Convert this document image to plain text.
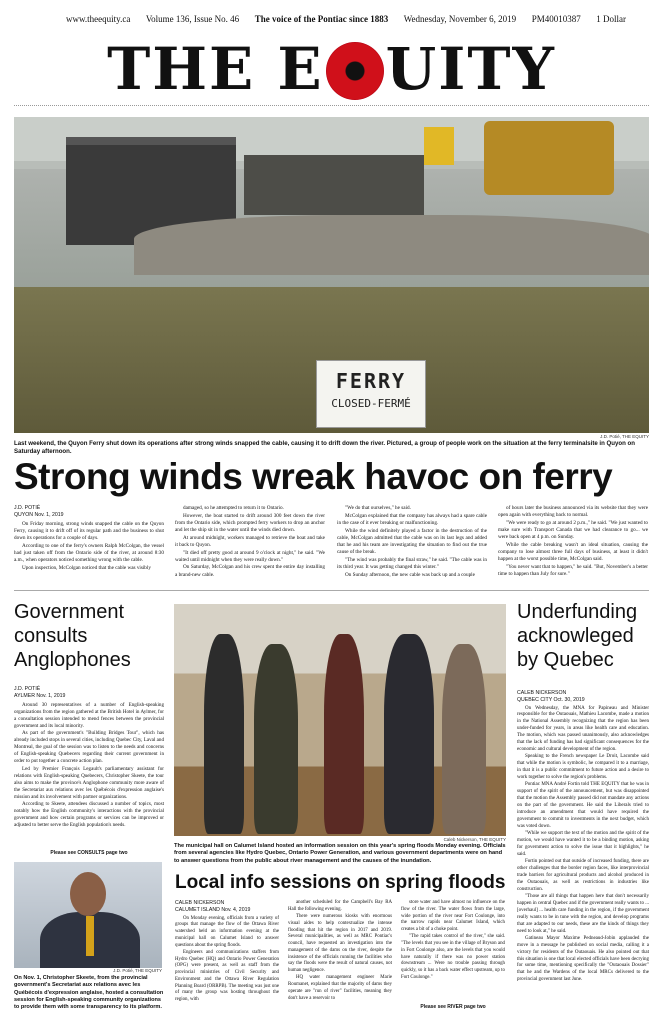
www.theequity.ca Volume 136, Issue No. 46 The voice of the Pontiac since 1883 Wednesday, November 6, 2019 PM40010387 1 Dollar
THE E UITY
FERRY
CLOSED-FERMÉ
J.D. Potié, THE EQUITY
Last weekend, the Quyon Ferry shut down its operations after strong winds snapped the cable, causing it to drift down the river. Pictured, a group of people work on the situation at the ferry terminalsite in Quyon on Saturday afternoon.
Strong winds wreak havoc on ferry
J.D. POTIÉ
QUYON Nov. 1, 2019

On Friday morning, strong winds snapped the cable on the Quyon Ferry, causing it to drift off of its regular path and the business to shut down its operations for a couple of days.

According to one of the ferry's owners Ralph McColgan, the vessel had just taken off from the Ontario side of the river, at around 8:30 a.m., when operators noticed something wrong with the cable.

Upon inspection, McColgan noticed that the cable was visibly

damaged, so he attempted to return it to Ontario.

However, the boat started to drift around 300 feet down the river from the Ontario side, which prompted ferry workers to drop an anchor and let the ship sit in the water until the winds died down.

At around midnight, workers managed to retrieve the boat and take it back to Quyon.

"It died off pretty good at around 9 o'clock at night," he said. "We waited until midnight when they were really down."

On Saturday, McColgan and his crew spent the entire day installing a brand-new cable.

"We do that ourselves," he said.

McColgan explained that the company has always had a spare cable in the case of it ever breaking or malfunctioning.

While the wind definitely played a factor in the destruction of the cable, McColgan admitted that the cable was on its last legs and added that he and his team are investigating the situation to find out the true cause of the break.

"The wind was probably the final straw," he said. "The cable was in its third year. It was getting changed this winter."

On Sunday afternoon, the new cable was back up and a couple

of hours later the business announced via its website that they were open again with everything back to normal.

"We were ready to go at around 2 p.m.," he said. "We just wanted to make sure with Transport Canada that we had clearance to go... we were back open at 4 p.m. on Sunday.

While the cable breaking wasn't an ideal situation, causing the company to lose almost three full days of business, at least it didn't happen at the worst possible time, McColgan said.

"You never want that to happen," he said. "But, November's a better time to happen than July for sure."

Government consults Anglophones
J.D. POTIÉ
AYLMER Nov. 1, 2019

Around 30 representatives of a number of English-speaking organizations from the region gathered at the British Hotel in Aylmer, for a consultation session intended to mend fences between the provincial government and its local minority.

As part of the government's "Building Bridges Tour", which has already included stops in several cities, including Quebec City, Laval and Montreal, the goal of the session was to listen to the needs and concerns of English-speaking Quebecers regarding their current government in order to put together a concrete action plan.

Led by Premier François Legault's parliamentary assistant for relations with English-speaking Quebecers, Christopher Skeete, the tour also aims to make the province's Anglophone community more aware of the Secretariat aux relations avec les Québécois d'expression anglaise's mission and its involvement with partner organizations.

According to Skeete, attendees discussed a number of topics, most notably how the English community's interactions with the provincial government and how certain programs or services can be improved or adjusted to better serve the English population's needs.

Please see CONSULTS page two
J.D. Potié, THE EQUITY
On Nov. 1, Christopher Skeete, from the provincial government's Secretariat aux relations avec les Québécois d'expression anglaise, hosted a consultation session for English-speaking community organizations to provide them with some transparency to its platform.
Caleb Nickerson, THE EQUITY
The municipal hall on Calumet Island hosted an information session on this year's spring floods Monday evening. Officials from several agencies like Hydro Quebec, Ontario Power Generation, and various government departments were on hand to answer questions from the public about river management and the causes of the inundation.
Local info sessions on spring floods
CALEB NICKERSON
CALUMET ISLAND Nov. 4, 2019

On Monday evening, officials from a variety of groups that manage the flow of the Ottawa River watershed held an information evening at the municipal hall on Calumet Island to answer questions about the spring floods.

Engineers and communications staffers from Hydro Quebec (HQ) and Ontario Power Generation (OPG) were present, as well as staff from the provincial ministries of Civil Security and Environment and the Ottawa River Regulation Planning Board (ORRPB). The meeting was just one of many the group was hosting throughout the region, with

another scheduled for the Campbell's Bay RA Hall the following evening.

There were numerous kiosks with enormous visual aides to help contextualize the intense flooding that hit the region in 2017 and 2019. Several municipalities, as well as MRC Pontiac's council, have requested an investigation into the management of the dams on the river, despite the insistence of the officials running the facilities who say the floods were the result of natural causes, not human negligence.

HQ water management engineer Marie Roumanet, explained that the majority of dams they operate are "run of river" facilities, meaning they don't have a reservoir to

store water and have almost no influence on the flow of the river. The water flows from the large, wide portion of the river near Fort Coulonge, into the narrow rapids near Calumet Island, which creates a bit of a choke point.

"The rapid takes control of the river," she said. "The levels that you see in the village of Bryson and in Fort Coulonge also, are the levels that you would have naturally if there was no power station downstream ... Were no trouble passing through quickly, so it has a back water effect upstream, up to Fort Coulonge."

Please see RIVER page two
Underfunding acknowleged by Quebec
CALEB NICKERSON
QUEBEC CITY Oct. 30, 2019

On Wednesday, the MNA for Papineau and Minister responsible for the Outaouais, Mathieu Lacombe, made a motion in the National Assembly recognizing that the region has been under-funded for years, in areas like health care and education. The motion, which was passed unanimously, also acknowledges that the lack of funding has had significant consequences for the economic and cultural development of the region.

Speaking to the French newspaper Le Droit, Lacombe said that while the motion is symbolic, he compared it to a marriage, in that it is a public commitment to future action and a desire to work together to solve the region's problems.

Pontiac MNA André Fortin told THE EQUITY that he was in support of the spirit of the announcement, but was disappointed that the motion the Assembly passed did not mandate any actions on the part of the government. He said the Liberals tried to introduce an amendment that would have required the government to commit to investments in the next budget, which was voted down.

"While we support the text of the motion and the spirit of the motion, we would have wanted it to be a binding motion, asking for government action to solve the issue that it highlights," he said.

Fortin pointed out that outside of increased funding, there are other challenges that the border region faces, like interprovincial trade barriers for agricultural products and alcohol produced in the Outaouais, as well as restrictions in industries like construction.

"Those are all things that happen here that don't necessarily happen in central Quebec and if the government really wants to ... [overhaul] ... health care funding in the region, if the government really wants to be in tune with the region, and develop programs that are adapted to our needs, these are the kinds of things they need to look at," he said.

Gatineau Mayor Maxime Pedneaud-Jobin applauded the move in a message he published on social media, calling it a victory for residents of the Outaouais. He also pointed out that this situation is one that local elected officials have been decrying for some time, mentioning specifically the "Outaouais Dossier" that he and the Wardens of the local MRCs delivered to the provincial government last June.
